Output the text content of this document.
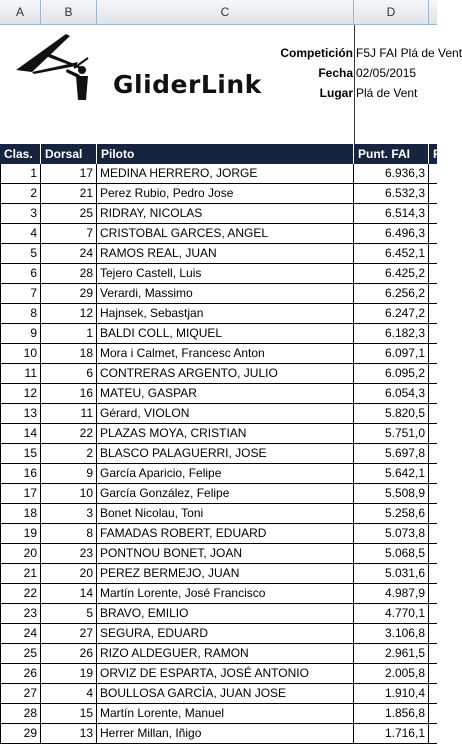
A	B	C	D
GliderLink
Competición F5J FAI Plá de Vent
Fecha 02/05/2015
Lugar Plá de Vent
Clas.	Dorsal	Piloto	Punt. FAI	P
1	17 MEDINA HERRERO, JORGE	6.936,3
2	21 Perez Rubio, Pedro Jose	6.532,3
3	25 RIDRAY, NICOLAS	6.514,3
4	7 CRISTOBAL GARCES, ANGEL	6.496,3
5	24 RAMOS REAL, JUAN	6.452,1
6	28 Tejero Castell, Luis	6.425,2
7	29 Verardi, Massimo	6.256,2
8	12 Hajnsek, Sebastjan	6.247,2
9	1 BALDI COLL, MIQUEL	6.182,3
10	18 Mora i Calmet, Francesc Anton	6.097,1
11	6 CONTRERAS ARGENTO, JULIO	6.095,2
12	16 MATEU, GASPAR	6.054,3
13	11 Gérard, VIOLON	5.820,5
14	22 PLAZAS MOYA, CRISTIAN	5.751,0
15	2 BLASCO PALAGUERRI, JOSE	5.697,8
16	9 García Aparicio, Felipe	5.642,1
17	10 García González, Felipe	5.508,9
18	3 Bonet Nicolau, Toni	5.258,6
19	8 FAMADAS ROBERT, EDUARD	5.073,8
20	23 PONTNOU BONET, JOAN	5.068,5
21	20 PEREZ BERMEJO, JUAN	5.031,6
22	14 Martín Lorente, José Francisco	4.987,9
23	5 BRAVO, EMILIO	4.770,1
24	27 SEGURA, EDUARD	3.106,8
25	26 RIZO ALDEGUER, RAMON	2.961,5
26	19 ORVIZ DE ESPARTA, JOSÉ ANTONIO	2.005,8
27	4 BOULLOSA GARCÌA, JUAN JOSE	1.910,4
28	15 Martín Lorente, Manuel	1.856,8
29	13 Herrer Millan, Iñigo	1.716,1
